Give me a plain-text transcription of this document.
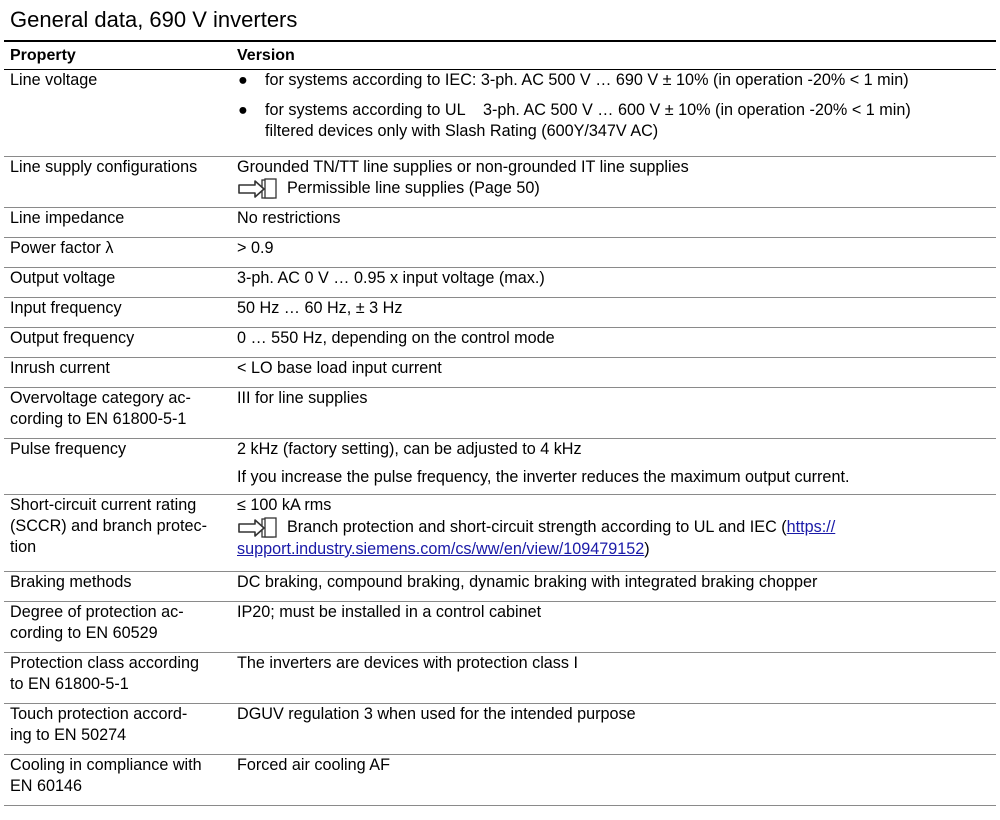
General data, 690 V inverters
Property	Version
Line voltage	● for systems according to IEC: 3-ph. AC 500 V … 690 V ± 10% (in operation -20% < 1 min)
● for systems according to UL    3-ph. AC 500 V … 600 V ± 10% (in operation -20% < 1 min)
filtered devices only with Slash Rating (600Y/347V AC)

Line supply configurations	Grounded TN/TT line supplies or non-grounded IT line supplies
Permissible line supplies (Page 50)

Line impedance	No restrictions
Power factor λ	> 0.9
Output voltage	3-ph. AC 0 V … 0.95 x input voltage (max.)
Input frequency	50 Hz … 60 Hz, ± 3 Hz
Output frequency	0 … 550 Hz, depending on the control mode
Inrush current	< LO base load input current

Overvoltage category ac-
cording to EN 61800-5-1	III for line supplies
Pulse frequency	2 kHz (factory setting), can be adjusted to 4 kHz
If you increase the pulse frequency, the inverter reduces the maximum output current.

Short-circuit current rating
(SCCR) and branch protec-
tion	≤ 100 kA rms
Branch protection and short-circuit strength according to UL and IEC (https://
support.industry.siemens.com/cs/ww/en/view/109479152)

Braking methods	DC braking, compound braking, dynamic braking with integrated braking chopper

Degree of protection ac-
cording to EN 60529	IP20; must be installed in a control cabinet

Protection class according
to EN 61800-5-1	The inverters are devices with protection class I

Touch protection accord-
ing to EN 50274	DGUV regulation 3 when used for the intended purpose

Cooling in compliance with
EN 60146	Forced air cooling AF
